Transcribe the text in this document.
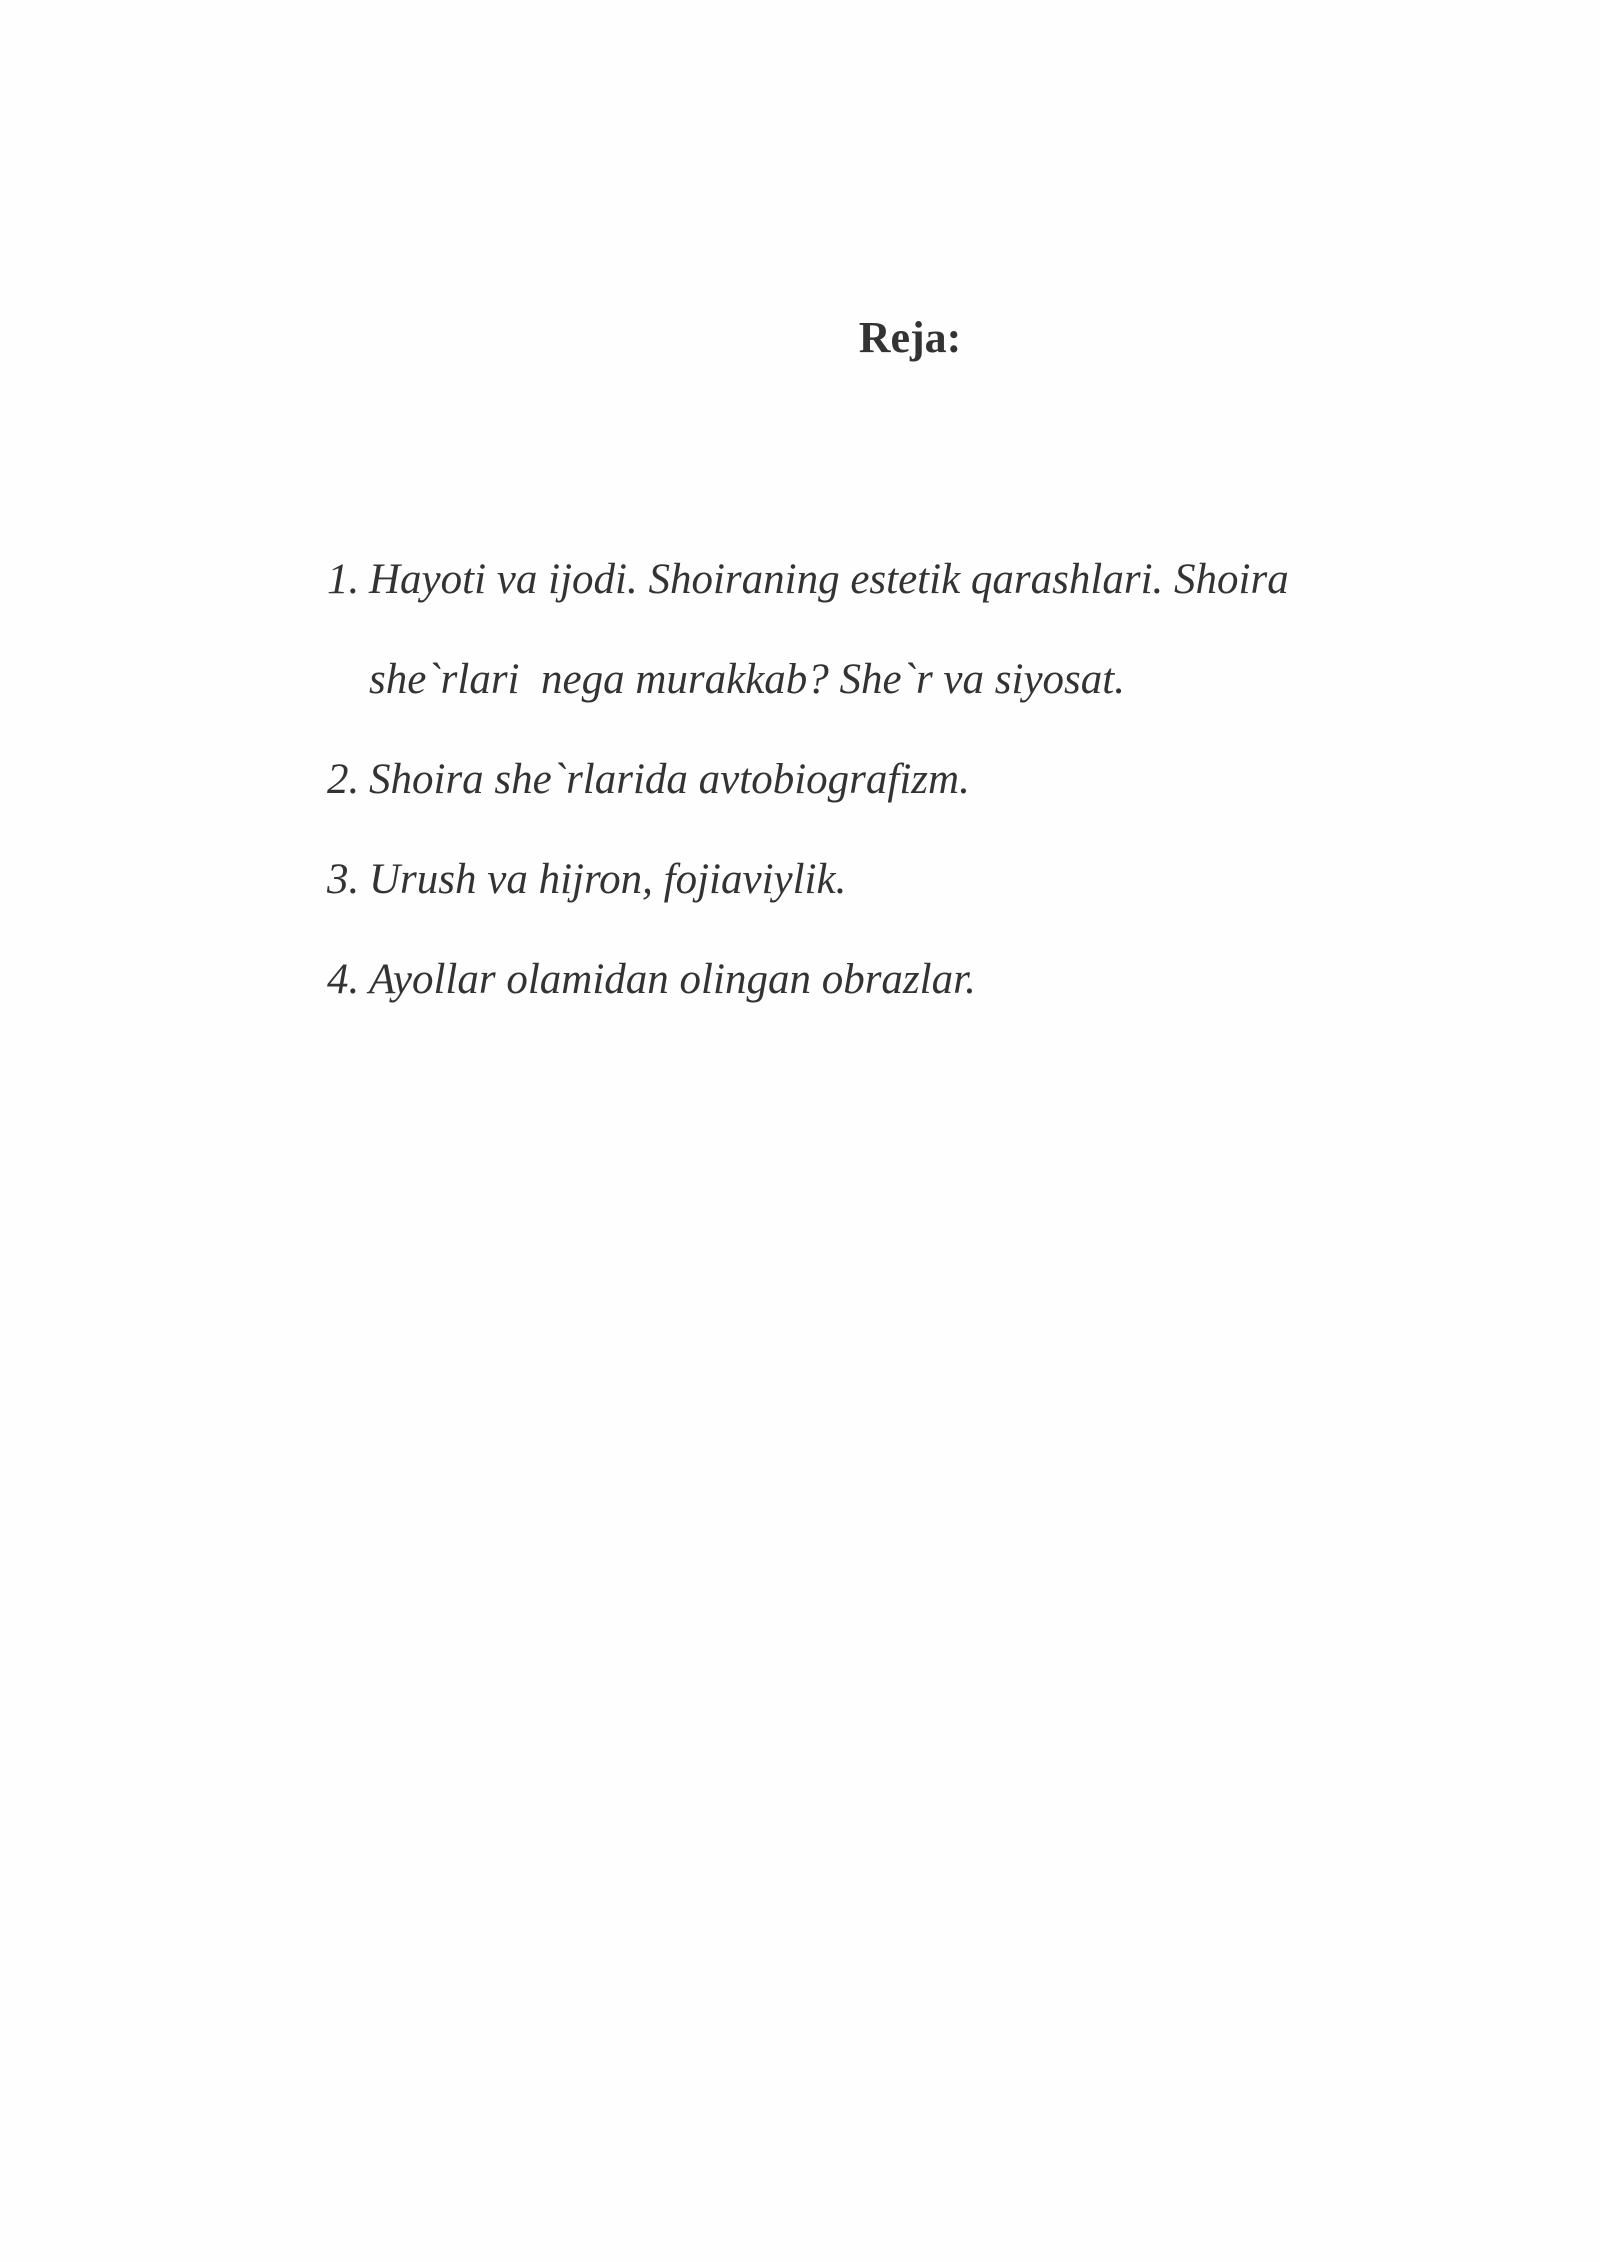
Reja:
1. Hayoti va ijodi. Shoiraning estetik qarashlari. Shoira
she`rlari  nega murakkab? She`r va siyosat.
2. Shoira she`rlarida avtobiografizm.
3. Urush va hijron, fojiaviylik.
4. Ayollar olamidan olingan obrazlar.
